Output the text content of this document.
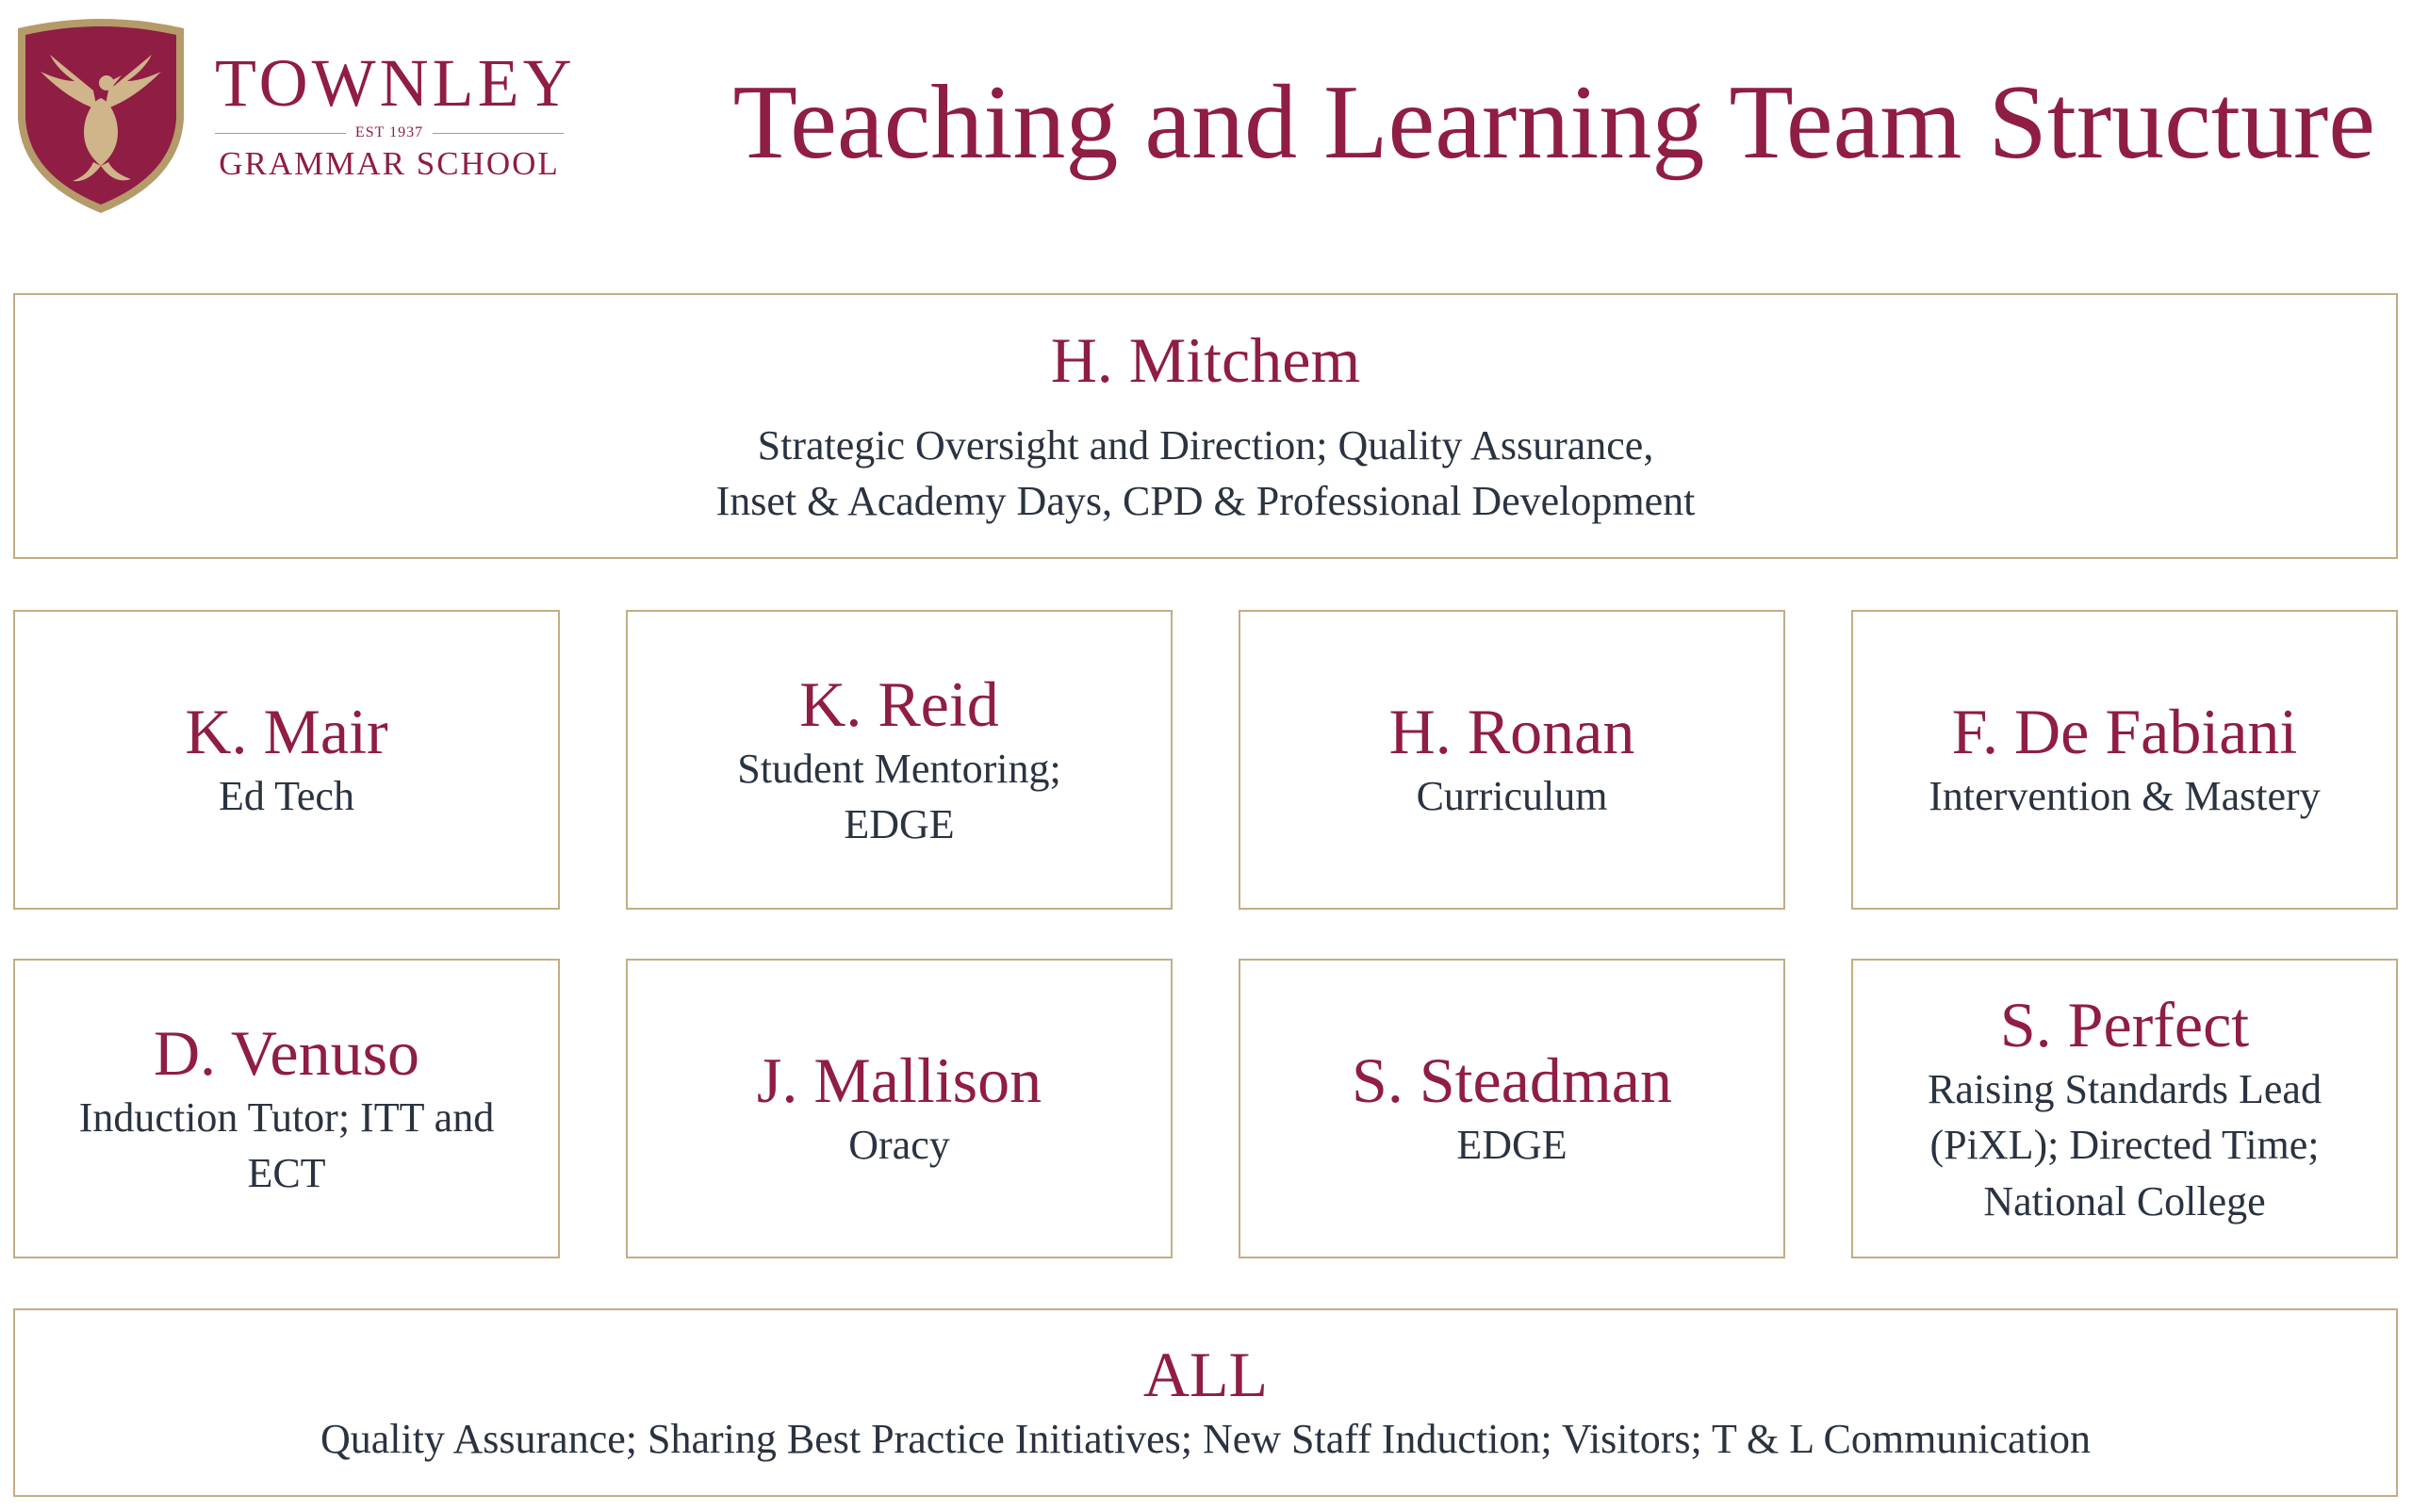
TOWNLEY
EST 1937
GRAMMAR SCHOOL Teaching and Learning Team Structure
H. Mitchem
Strategic Oversight and Direction; Quality Assurance,
Inset & Academy Days, CPD & Professional Development
K. Mair
Ed Tech
K. Reid
Student Mentoring;
EDGE
H. Ronan
Curriculum
F. De Fabiani
Intervention & Mastery
D. Venuso
Induction Tutor; ITT and
ECT
J. Mallison
Oracy
S. Steadman
EDGE
S. Perfect
Raising Standards Lead
(PiXL); Directed Time;
National College
ALL
Quality Assurance; Sharing Best Practice Initiatives; New Staff Induction; Visitors; T & L Communication
